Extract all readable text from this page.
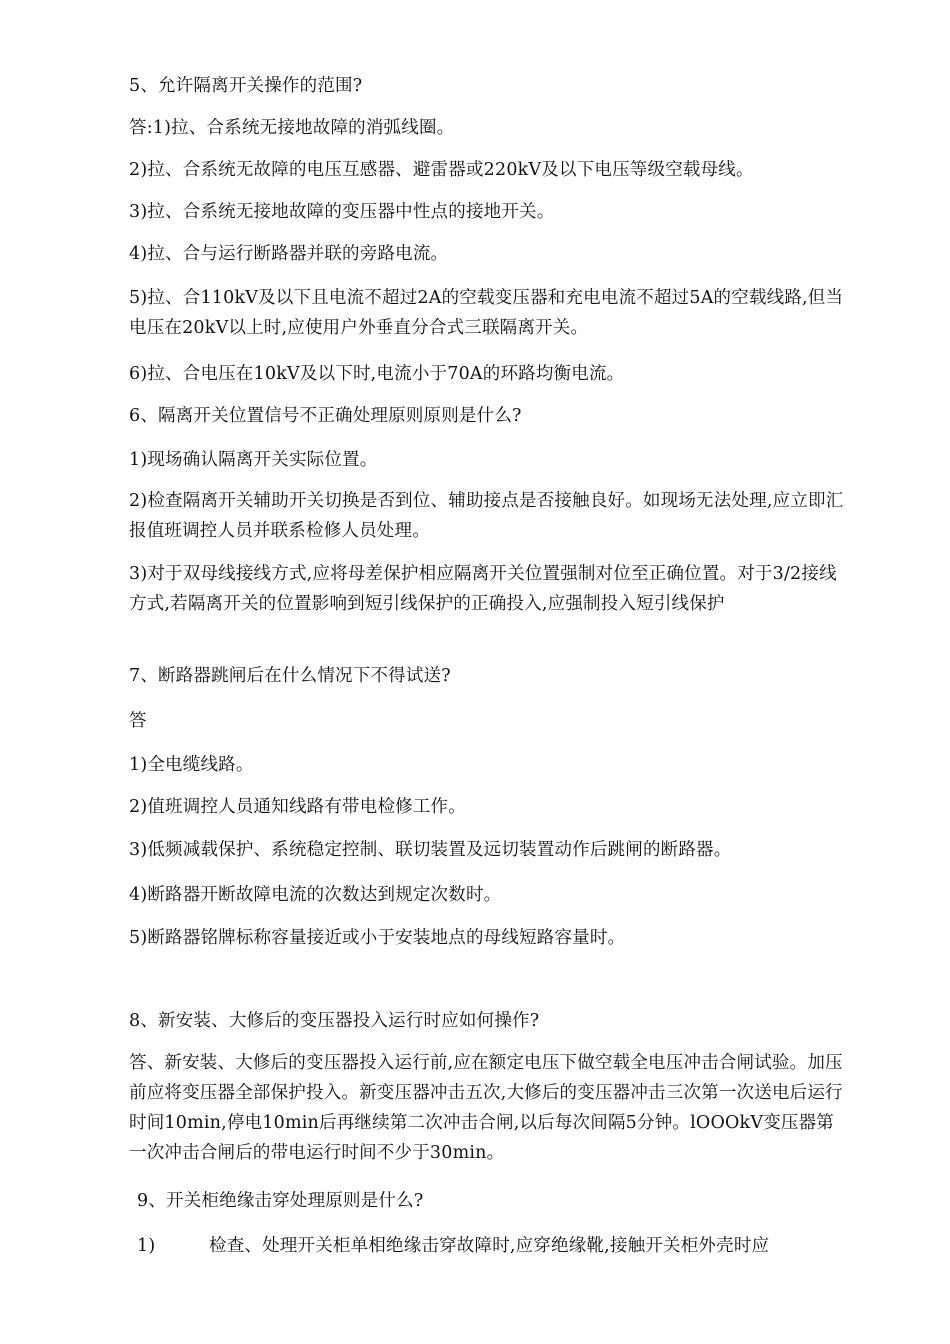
5、允许隔离开关操作的范围?

答:1)拉、合系统无接地故障的消弧线圈。

2)拉、合系统无故障的电压互感器、避雷器或220kV及以下电压等级空载母线。

3)拉、合系统无接地故障的变压器中性点的接地开关。

4)拉、合与运行断路器并联的旁路电流。

5)拉、合110kV及以下且电流不超过2A的空载变压器和充电电流不超过5A的空载线路,但当电压在20kV以上时,应使用户外垂直分合式三联隔离开关。

6)拉、合电压在10kV及以下时,电流小于70A的环路均衡电流。

6、隔离开关位置信号不正确处理原则原则是什么?

1)现场确认隔离开关实际位置。

2)检查隔离开关辅助开关切换是否到位、辅助接点是否接触良好。如现场无法处理,应立即汇报值班调控人员并联系检修人员处理。

3)对于双母线接线方式,应将母差保护相应隔离开关位置强制对位至正确位置。对于3/2接线方式,若隔离开关的位置影响到短引线保护的正确投入,应强制投入短引线保护

7、断路器跳闸后在什么情况下不得试送?

答

1)全电缆线路。

2)值班调控人员通知线路有带电检修工作。

3)低频减载保护、系统稳定控制、联切装置及远切装置动作后跳闸的断路器。

4)断路器开断故障电流的次数达到规定次数时。

5)断路器铭牌标称容量接近或小于安装地点的母线短路容量时。

8、新安装、大修后的变压器投入运行时应如何操作?

答、新安装、大修后的变压器投入运行前,应在额定电压下做空载全电压冲击合闸试验。加压前应将变压器全部保护投入。新变压器冲击五次,大修后的变压器冲击三次第一次送电后运行时间10min,停电10min后再继续第二次冲击合闸,以后每次间隔5分钟。lOOOkV变压器第一次冲击合闸后的带电运行时间不少于30min。

9、开关柜绝缘击穿处理原则是什么?

1)	检查、处理开关柜单相绝缘击穿故障时,应穿绝缘靴,接触开关柜外壳时应
